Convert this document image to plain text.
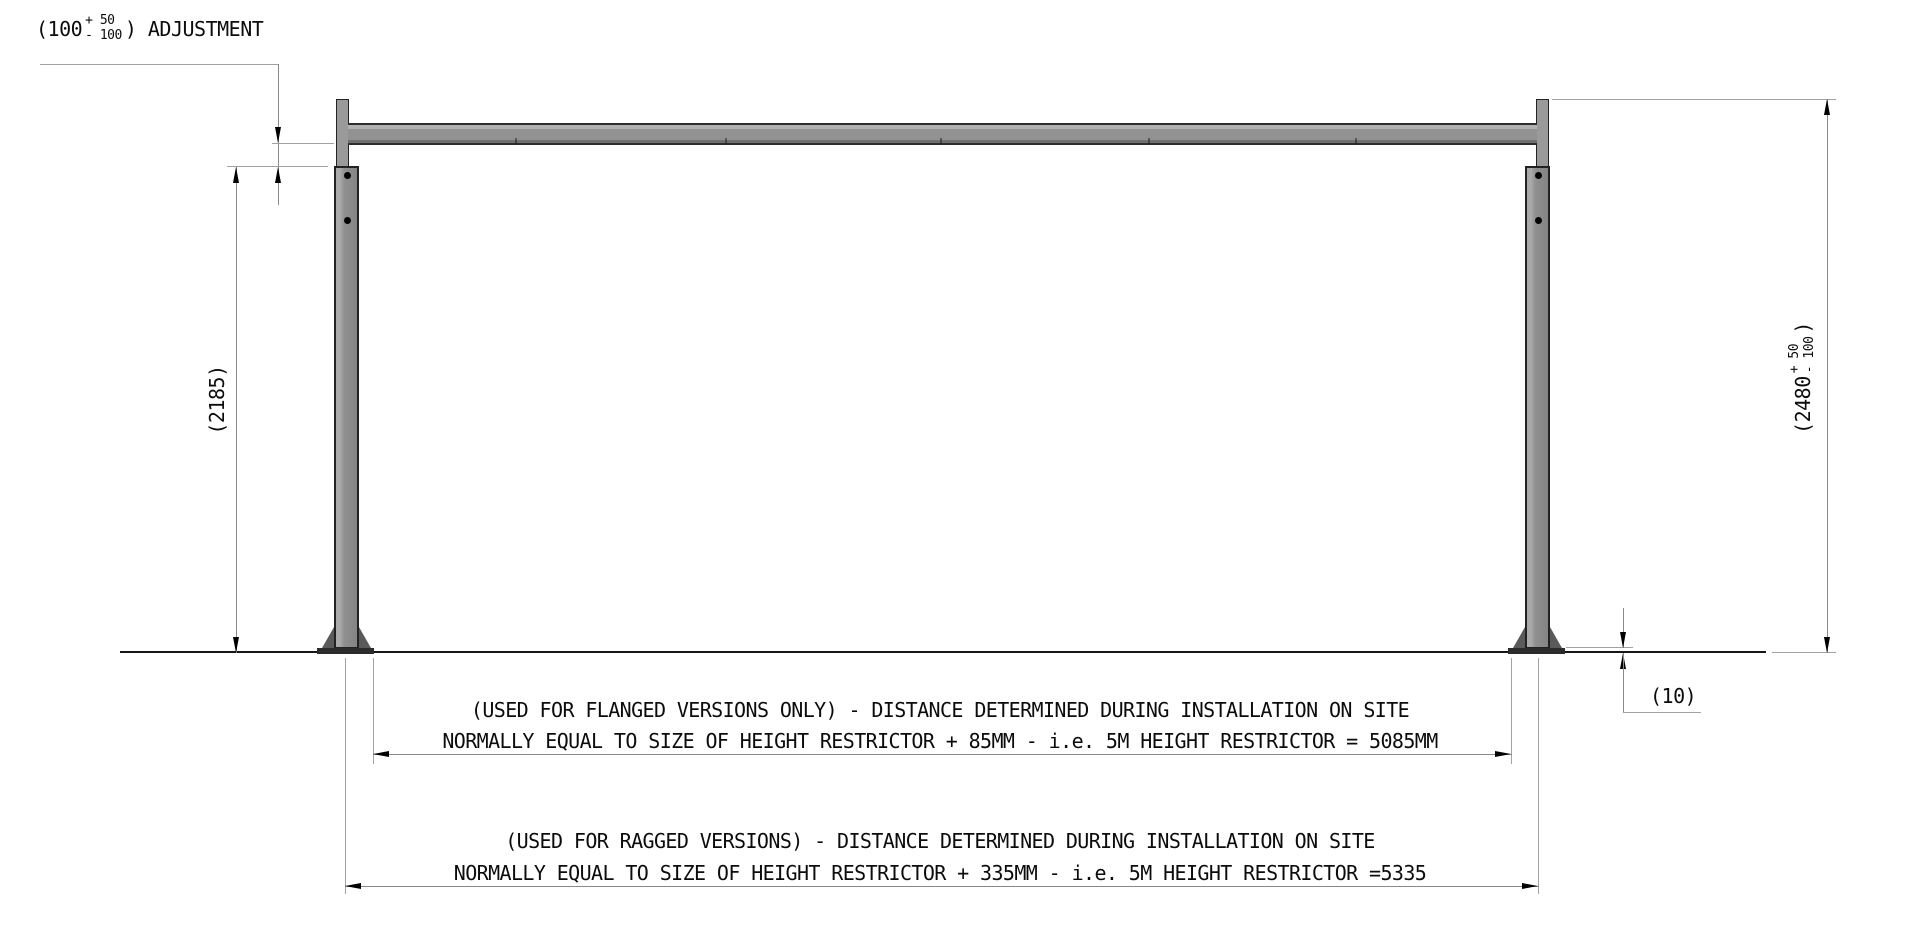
(100 + 50
- 100 ) ADJUSTMENT
(2185)	(2480
+ 50 - 100
)
(10)
(USED FOR FLANGED VERSIONS ONLY) - DISTANCE DETERMINED DURING INSTALLATION ON SITE
NORMALLY EQUAL TO SIZE OF HEIGHT RESTRICTOR + 85MM - i.e. 5M HEIGHT RESTRICTOR = 5085MM
(USED FOR RAGGED VERSIONS) - DISTANCE DETERMINED DURING INSTALLATION ON SITE
NORMALLY EQUAL TO SIZE OF HEIGHT RESTRICTOR + 335MM - i.e. 5M HEIGHT RESTRICTOR =5335
